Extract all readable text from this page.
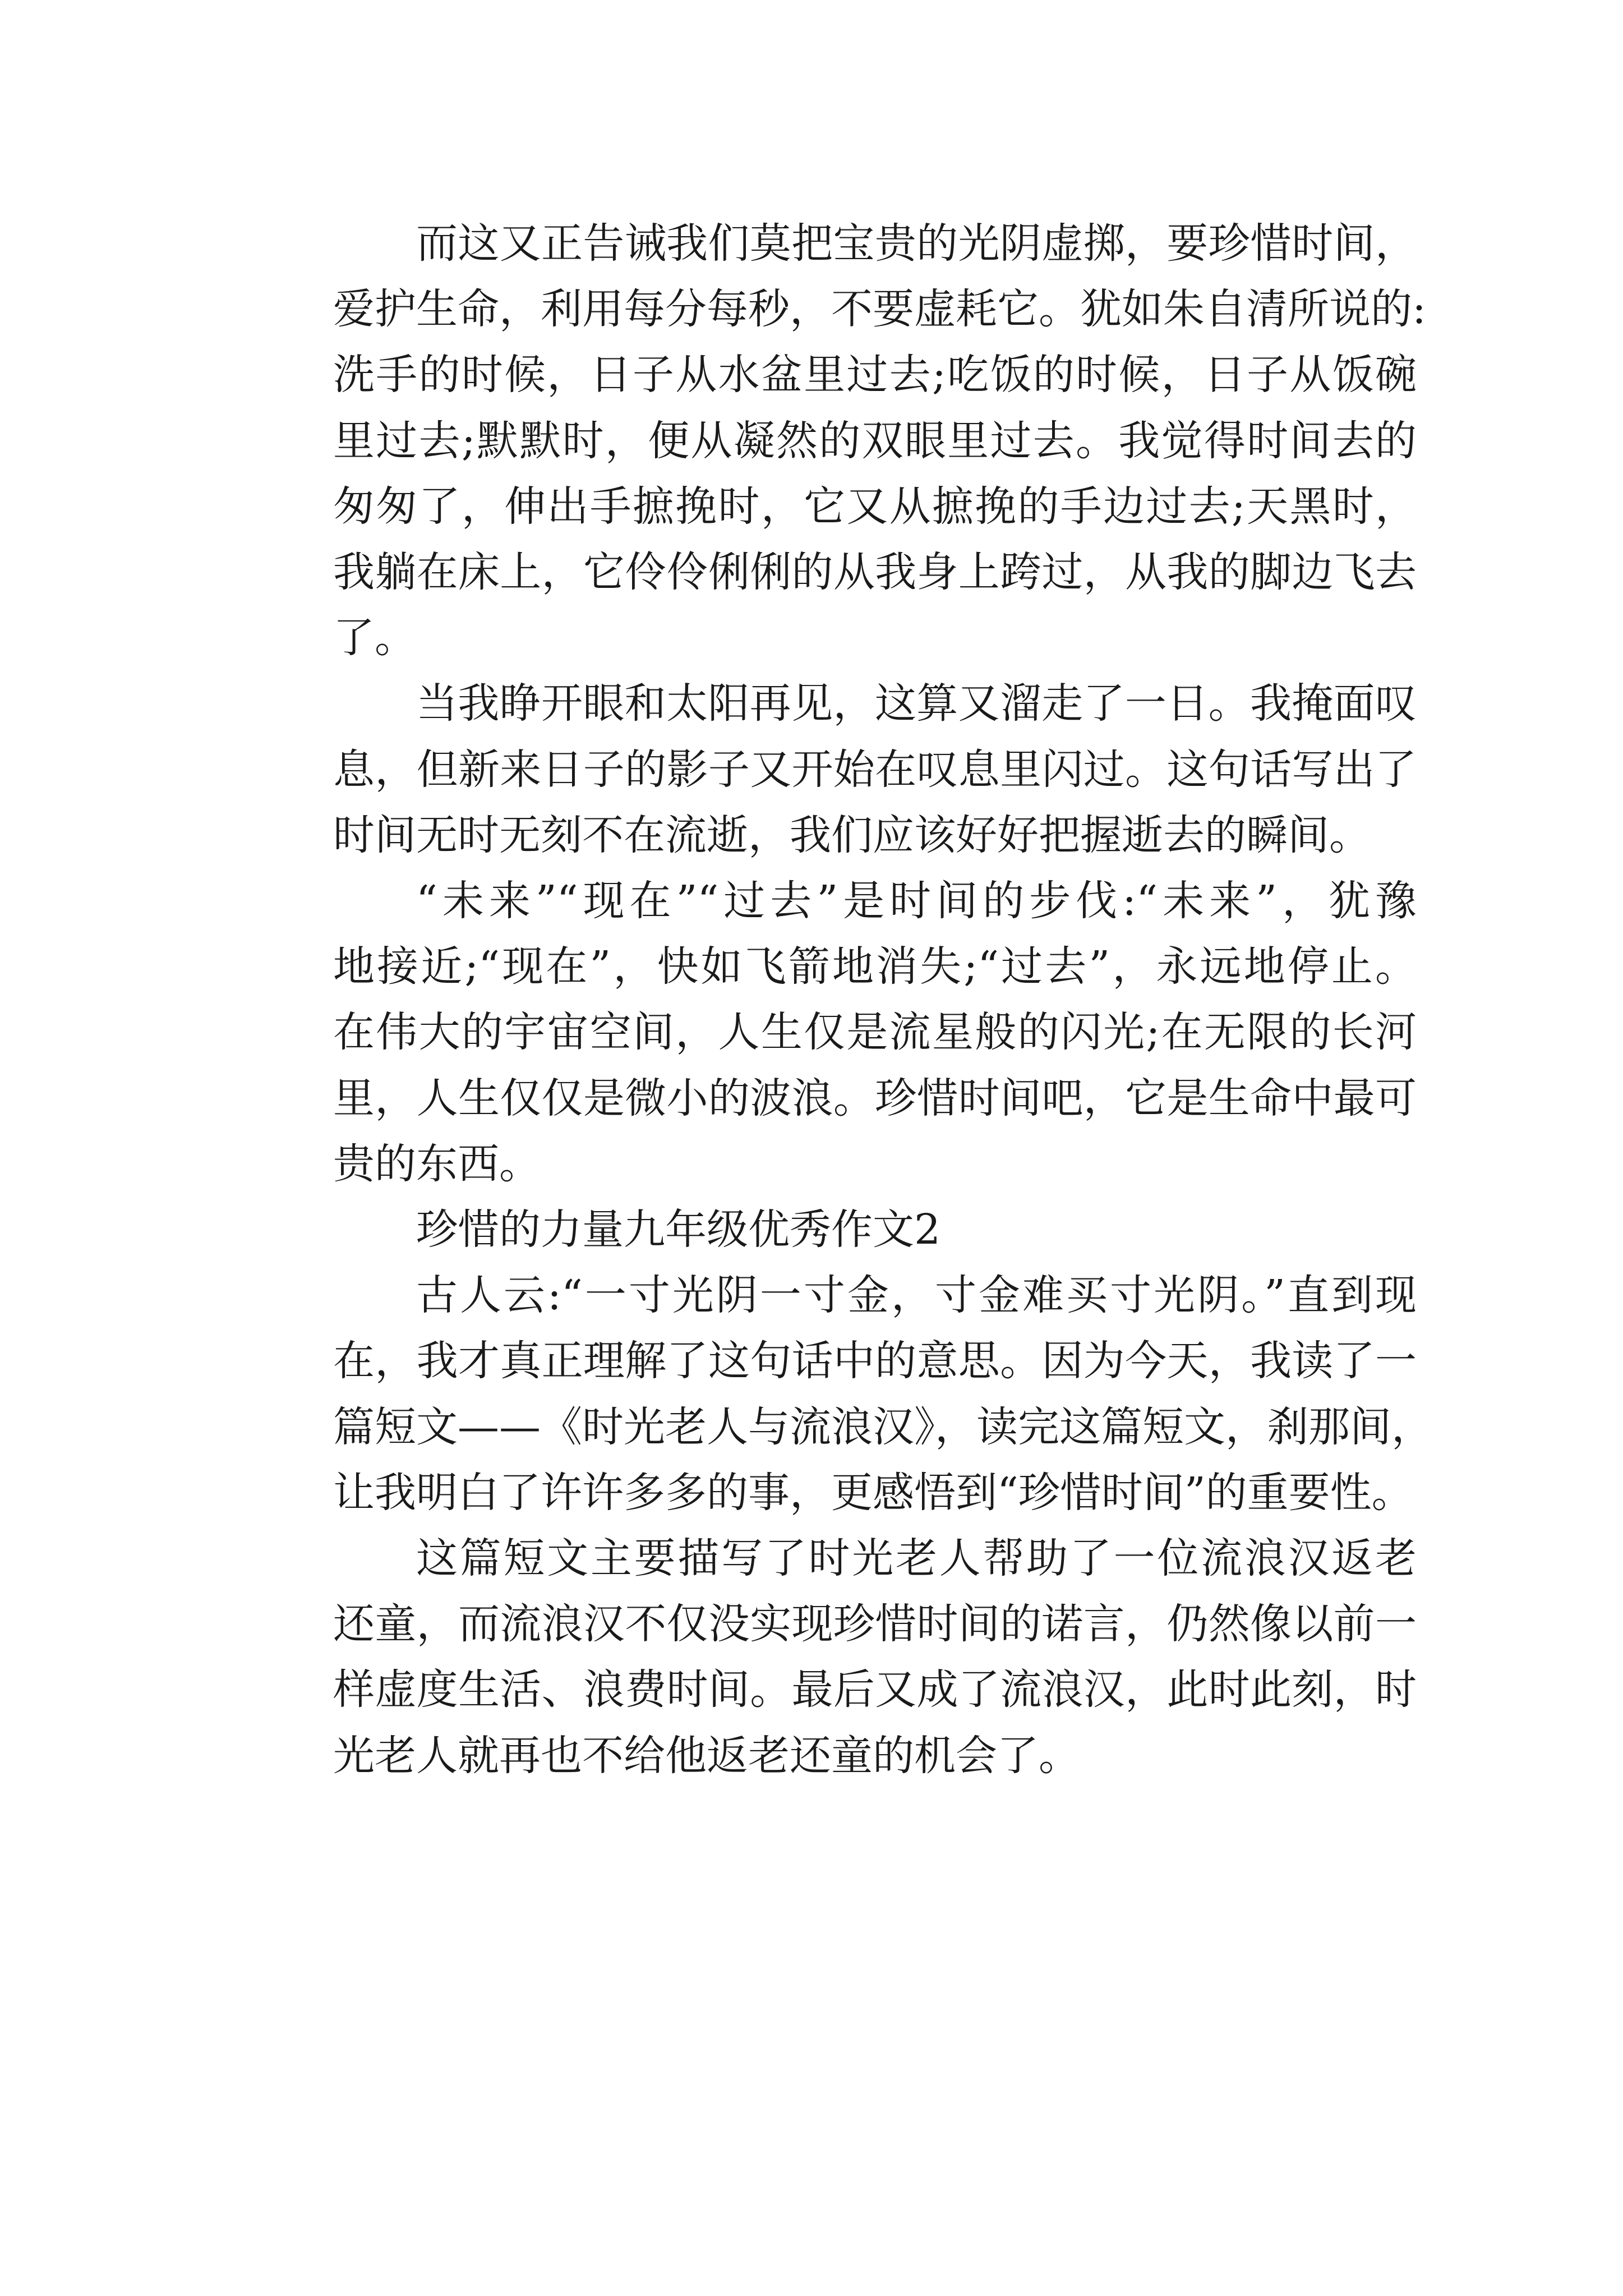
而这又正告诫我们莫把宝贵的光阴虚掷，要珍惜时间，
爱护生命，利用每分每秒，不要虚耗它。犹如朱自清所说的:
洗手的时候，日子从水盆里过去;吃饭的时候，日子从饭碗
里过去;默默时，便从凝然的双眼里过去。我觉得时间去的
匆匆了，伸出手摭挽时，它又从摭挽的手边过去;天黑时，
我躺在床上，它伶伶俐俐的从我身上跨过，从我的脚边飞去
了。
当我睁开眼和太阳再见，这算又溜走了一日。我掩面叹
息，但新来日子的影子又开始在叹息里闪过。这句话写出了
时间无时无刻不在流逝，我们应该好好把握逝去的瞬间。
“未来”“现在”“过去”是时间的步伐:“未来”，犹豫
地接近;“现在”，快如飞箭地消失;“过去”，永远地停止。
在伟大的宇宙空间，人生仅是流星般的闪光;在无限的长河
里，人生仅仅是微小的波浪。珍惜时间吧，它是生命中最可
贵的东西。
珍惜的力量九年级优秀作文2
古人云:“一寸光阴一寸金，寸金难买寸光阴。”直到现
在，我才真正理解了这句话中的意思。因为今天，我读了一
篇短文——《时光老人与流浪汉》，读完这篇短文，刹那间，
让我明白了许许多多的事，更感悟到“珍惜时间”的重要性。
这篇短文主要描写了时光老人帮助了一位流浪汉返老
还童，而流浪汉不仅没实现珍惜时间的诺言，仍然像以前一
样虚度生活、浪费时间。最后又成了流浪汉，此时此刻，时
光老人就再也不给他返老还童的机会了。
